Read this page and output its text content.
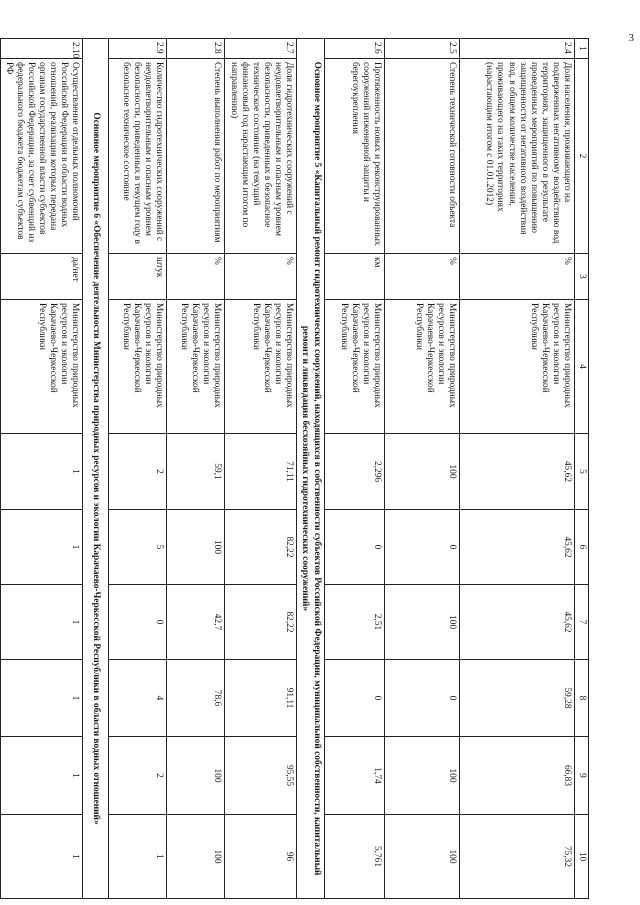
3
1	2	3	4	5	6	7	8	9	10
2.4	Доля населения, проживающего на подверженных негативному воздействию вод территориях, защищенного в результате проведенных мероприятий по повышению защищенности от негативного воздействия вод, в общем количестве населения, проживающего на таких территориях (нарастающим итогом с 01.01.2012)	%	Министерство природных ресурсов и экологии Карачаево-Черкесской Республики	45,62	45,62	45,62	59,28	66,83	75,32
2.5	Степень технической готовности объекта	%	Министерство природных ресурсов и экологии Карачаево-Черкесской Республики	100	0	100	0	100	100
2.6	Протяженность новых и реконструированных сооружений инженерной защиты и берегоукрепления	км	Министерство природных ресурсов и экологии Карачаево-Черкесской Республики	2,296	0	2,51	0	1,74	5,761
Основное мероприятие 5 «Капитальный ремонт гидротехнических сооружений, находящихся в собственности субъектов Российской Федерации, муниципальной собственности, капитальный ремонт и ликвидация бесхозяйных гидротехнических сооружений»									
2.7	Доля гидротехнических сооружений с неудовлетворительным и опасным уровнем безопасности, приведенных в безопасное техническое состояние (на текущий финансовый год нарастающим итогом по направлению)	%	Министерство природных ресурсов и экологии Карачаево-Черкесской Республики	71,11	82,22	82,22	91,11	95,55	96
2.8	Степень выполнения работ по мероприятиям	%	Министерство природных ресурсов и экологии Карачаево-Черкесской Республики	59,1	100	42,7	78,6	100	100
2.9	Количество гидротехнических сооружений с неудовлетворительным и опасным уровнем безопасности, приведенных в текущем году в безопасное техническое состояние	штук	Министерство природных ресурсов и экологии Карачаево-Черкесской Республики	2	5	0	4	2	1
Основное мероприятие 6 «Обеспечение деятельности Министерства природных ресурсов и экологии Карачаево-Черкесской Республики в области водных отношений»									
2.10	Осуществление отдельных полномочий Российской Федерации в области водных отношений, реализация которых передана органам государственной власти субъектов Российской Федерации, за счет субвенций из федерального бюджета бюджетам субъектов РФ	да/нет	Министерство природных ресурсов и экологии Карачаево-Черкесской Республики	1	1	1	1	1	1
